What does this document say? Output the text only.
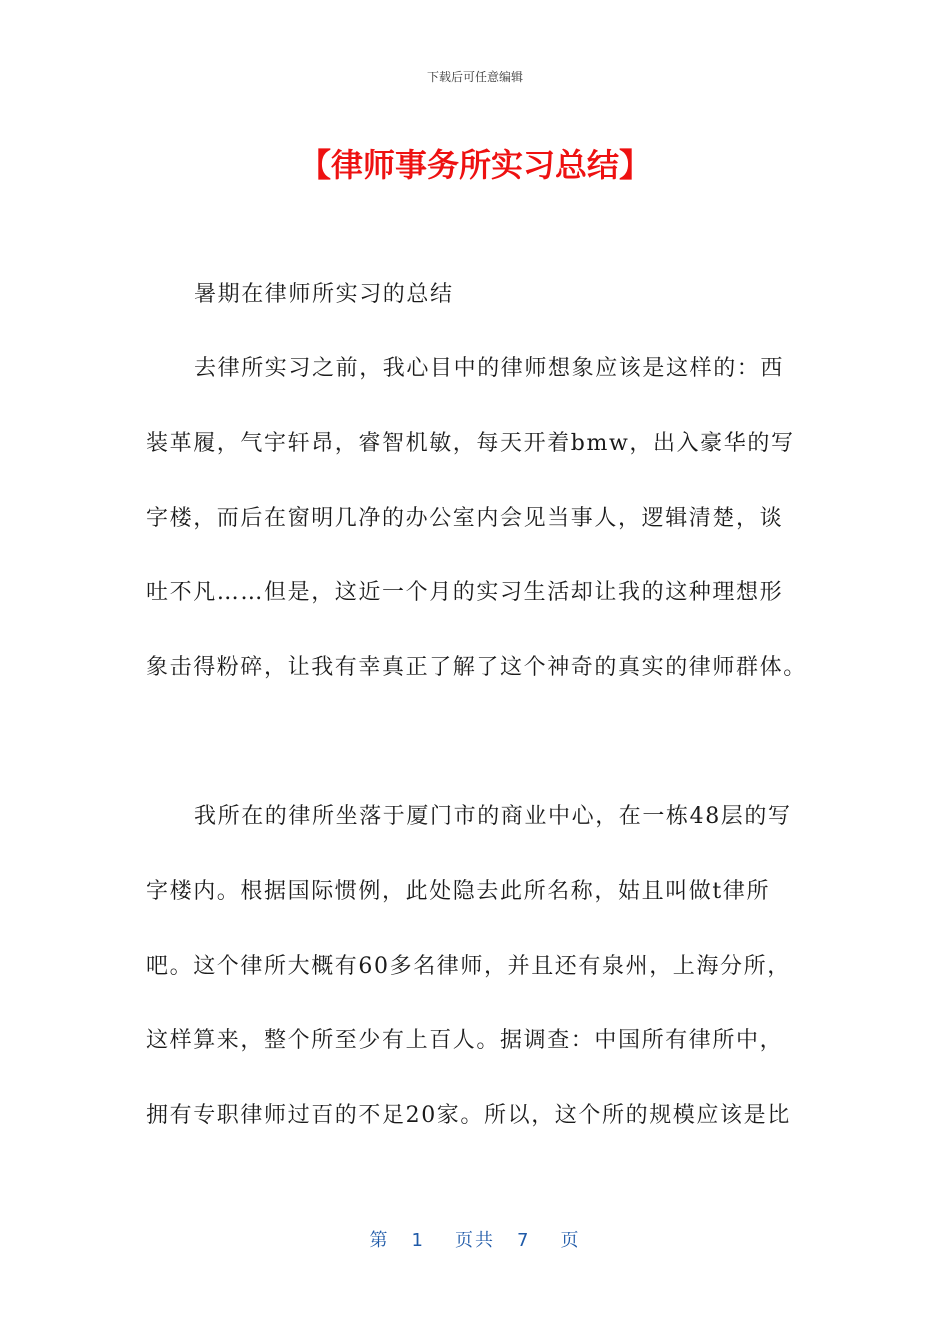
下载后可任意编辑
【律师事务所实习总结】
暑期在律师所实习的总结
去律所实习之前，我心目中的律师想象应该是这样的：西
装革履，气宇轩昂，睿智机敏，每天开着bmw，出入豪华的写
字楼，而后在窗明几净的办公室内会见当事人，逻辑清楚，谈
吐不凡……但是，这近一个月的实习生活却让我的这种理想形
象击得粉碎，让我有幸真正了解了这个神奇的真实的律师群体。
我所在的律所坐落于厦门市的商业中心，在一栋48层的写
字楼内。根据国际惯例，此处隐去此所名称，姑且叫做t律所
吧。这个律所大概有60多名律师，并且还有泉州，上海分所，
这样算来，整个所至少有上百人。据调查：中国所有律所中，
拥有专职律师过百的不足20家。所以，这个所的规模应该是比
第 1 页共 7 页
